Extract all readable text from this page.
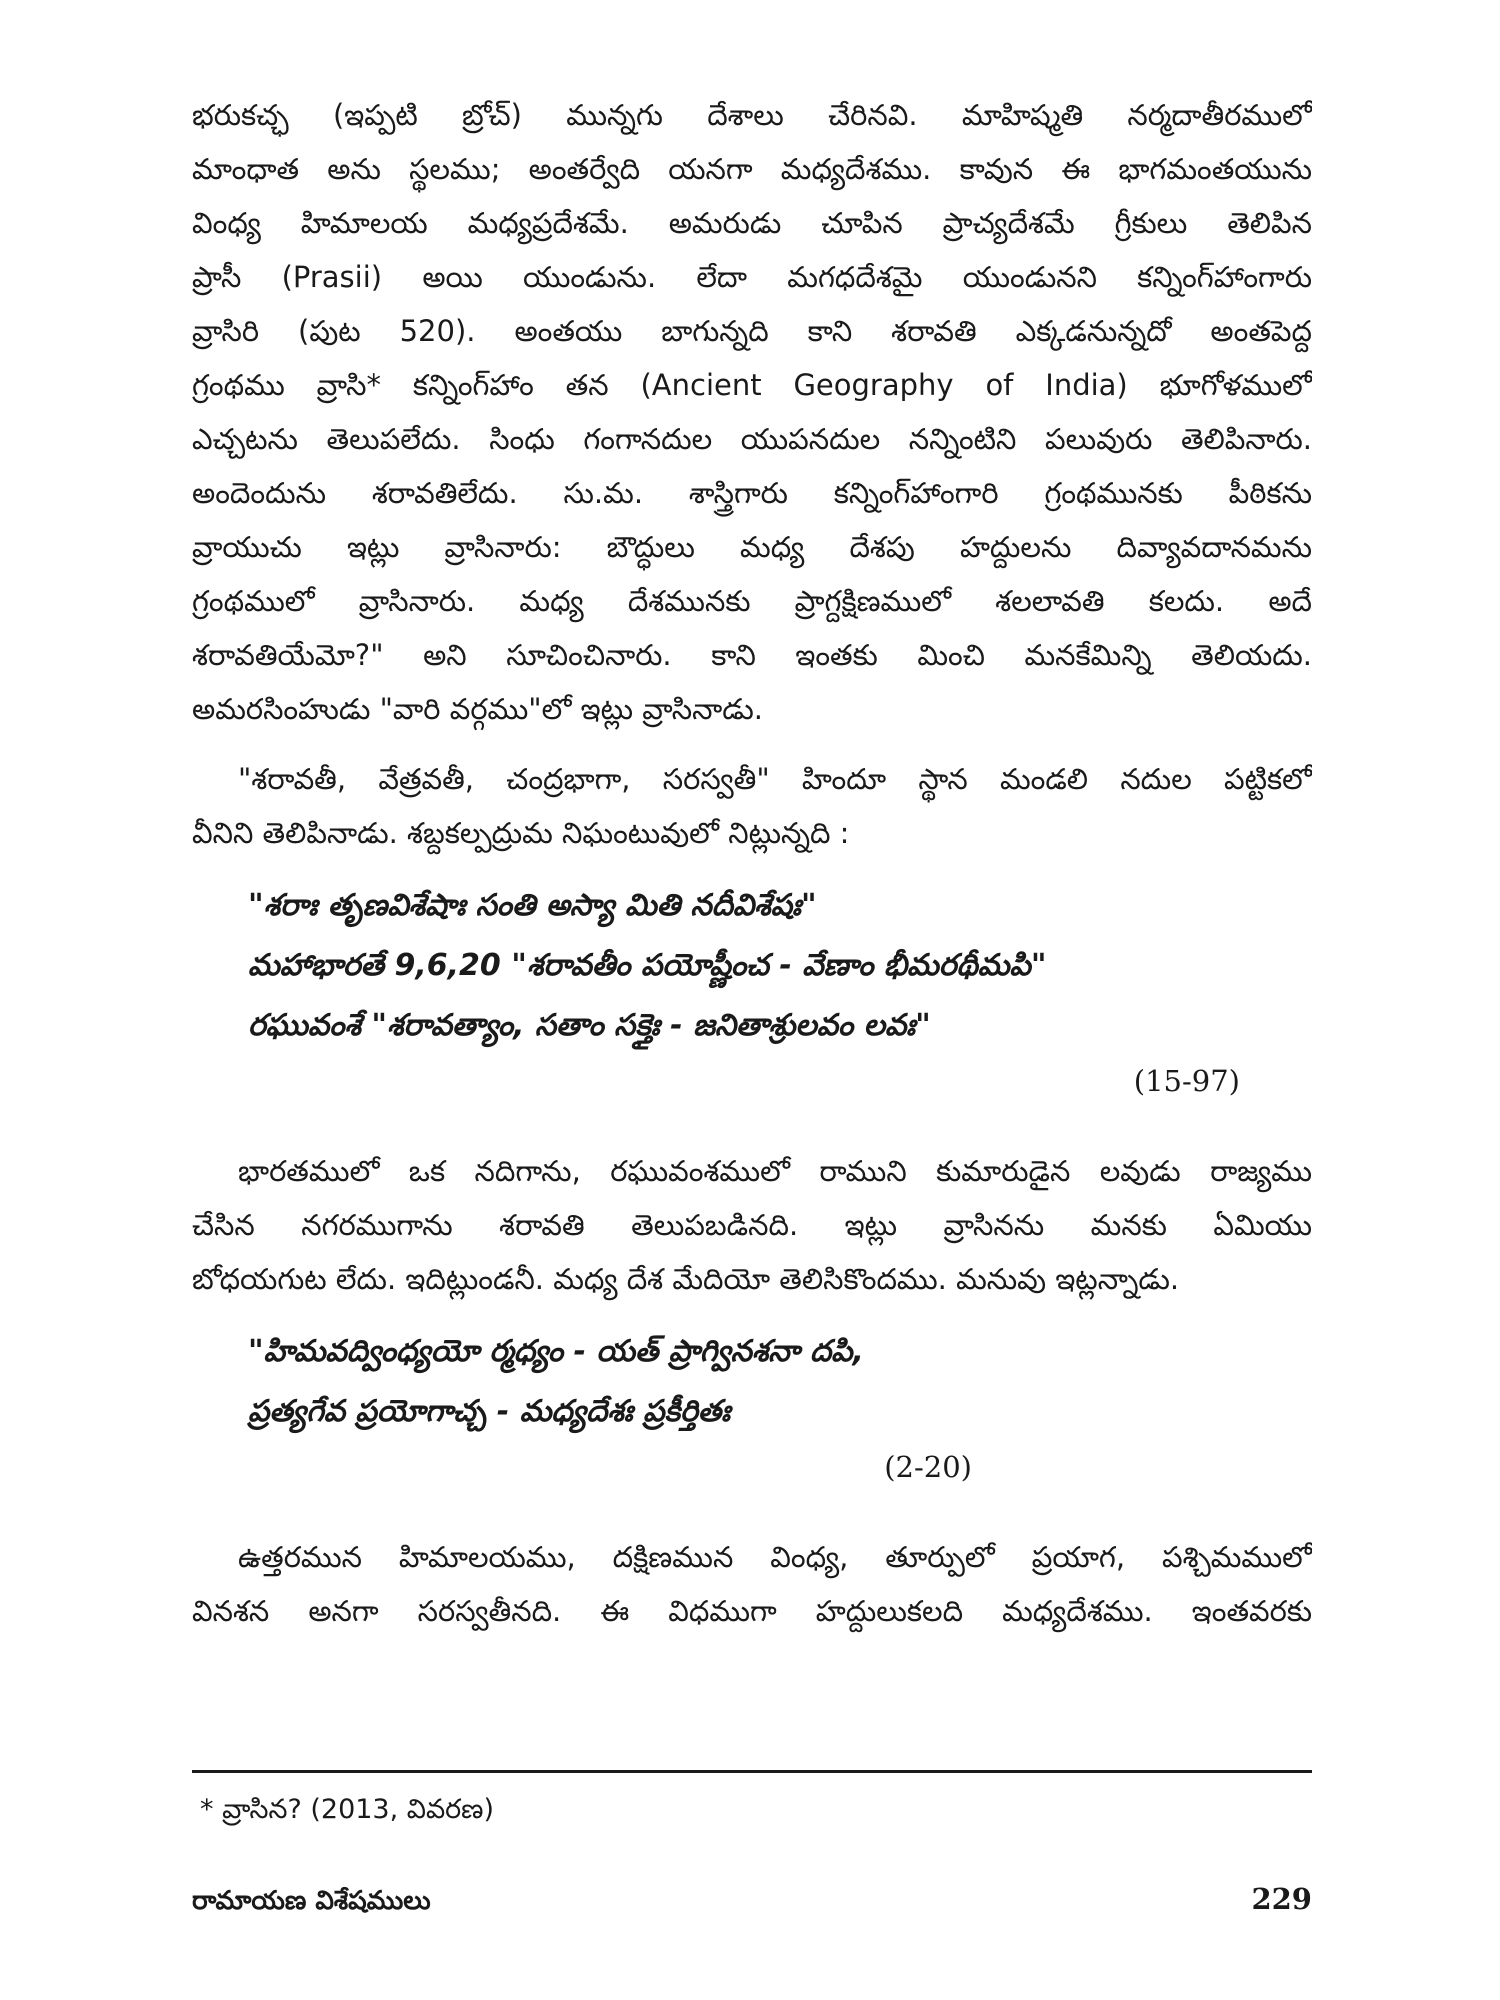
భరుకచ్ఛ (ఇప్పటి బ్రోచ్) మున్నగు దేశాలు చేరినవి. మాహిష్మతి నర్మదాతీరములో
మాంధాత అను స్థలము; అంతర్వేది యనగా మధ్యదేశము. కావున ఈ భాగమంతయును
వింధ్య హిమాలయ మధ్యప్రదేశమే. అమరుడు చూపిన ప్రాచ్యదేశమే గ్రీకులు తెలిపిన
ప్రాసీ (Prasii) అయి యుండును. లేదా మగధదేశమై యుండునని కన్నింగ్‌హాంగారు
వ్రాసిరి (పుట 520). అంతయు బాగున్నది కాని శరావతి ఎక్కడనున్నదో అంతపెద్ద
గ్రంథము వ్రాసి* కన్నింగ్‌హాం తన (Ancient Geography of India) భూగోళములో
ఎచ్చటను తెలుపలేదు. సింధు గంగానదుల యుపనదుల నన్నింటిని పలువురు తెలిపినారు.
అందెందును శరావతిలేదు. సు.మ. శాస్త్రిగారు కన్నింగ్‌హాంగారి గ్రంథమునకు పీఠికను
వ్రాయుచు ఇట్లు వ్రాసినారు: బౌద్ధులు మధ్య దేశపు హద్దులను దివ్యావదానమను
గ్రంథములో వ్రాసినారు. మధ్య దేశమునకు ప్రాగ్దక్షిణములో శలలావతి కలదు. అదే
శరావతియేమో?" అని సూచించినారు. కాని ఇంతకు మించి మనకేమిన్ని తెలియదు.
అమరసింహుడు "వారి వర్గము"లో ఇట్లు వ్రాసినాడు.
"శరావతీ, వేత్రవతీ, చంద్రభాగా, సరస్వతీ" హిందూ స్థాన మండలి నదుల పట్టికలో
వీనిని తెలిపినాడు. శబ్దకల్పద్రుమ నిఘంటువులో నిట్లున్నది :
"శరాః తృణవిశేషాః సంతి అస్యా మితి నదీవిశేషః"
మహాభారతే 9,6,20 "శరావతీం పయోష్ణీంచ - వేణాం భీమరథీమపి"
రఘువంశే "శరావత్యాం, సతాం సక్తైః - జనితాశ్రులవం లవః"
(15-97)
భారతములో ఒక నదిగాను, రఘువంశములో రాముని కుమారుడైన లవుడు రాజ్యము
చేసిన నగరముగాను శరావతి తెలుపబడినది. ఇట్లు వ్రాసినను మనకు ఏమియు
బోధయగుట లేదు. ఇదిట్లుండనీ. మధ్య దేశ మేదియో తెలిసికొందము. మనువు ఇట్లన్నాడు.
"హిమవద్వింధ్యయో ర్మధ్యం - యత్ ప్రాగ్వినశనా దపి,
ప్రత్యగేవ ప్రయోగాచ్చ - మధ్యదేశః ప్రకీర్తితః
(2-20)
ఉత్తరమున హిమాలయము, దక్షిణమున వింధ్య, తూర్పులో ప్రయాగ, పశ్చిమములో
వినశన అనగా సరస్వతీనది. ఈ విధముగా హద్దులుకలది మధ్యదేశము. ఇంతవరకు
* వ్రాసిన? (2013, వివరణ)
రామాయణ విశేషములు	229
